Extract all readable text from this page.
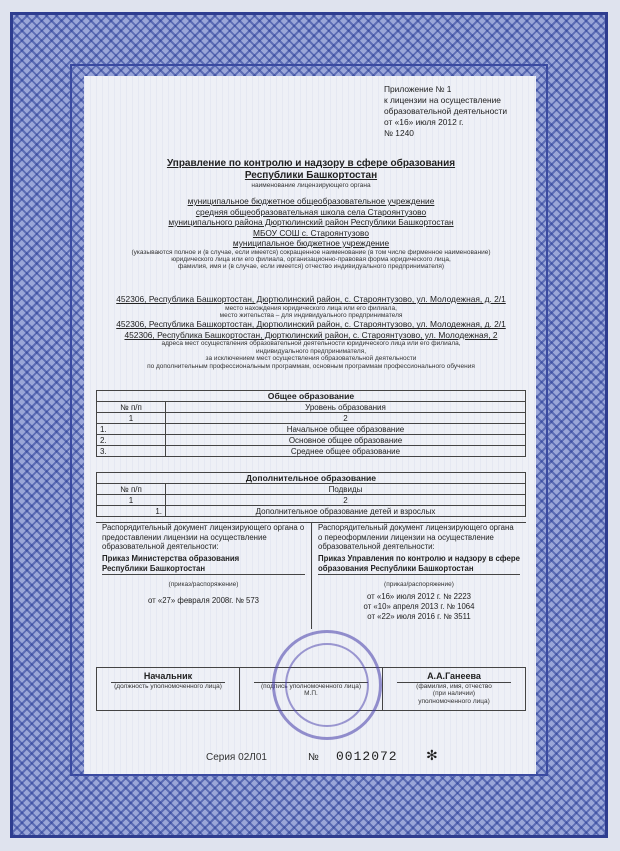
Приложение № 1
к лицензии на осуществление
образовательной деятельности
от «16» июля 2012 г.
№ 1240
Управление по контролю и надзору в сфере образования
Республики Башкортостан
наименование лицензирующего органа
муниципальное бюджетное общеобразовательное учреждение
средняя общеобразовательная школа села Староянтузово
муниципального района Дюртюлинский район Республики Башкортостан
МБОУ СОШ с. Староянтузово
муниципальное бюджетное учреждение
(указываются полное и (в случае, если имеется) сокращенное наименование (в том числе фирменное наименование)
юридического лица или его филиала, организационно-правовая форма юридического лица,
фамилия, имя и (в случае, если имеется) отчество индивидуального предпринимателя)
452306, Республика Башкортостан, Дюртюлинский район, с. Староянтузово, ул. Молодежная, д. 2/1
место нахождения юридического лица или его филиала,
место жительства – для индивидуального предпринимателя
452306, Республика Башкортостан, Дюртюлинский район, с. Староянтузово, ул. Молодежная, д. 2/1
452306, Республика Башкортостан, Дюртюлинский район, с. Староянтузово, ул. Молодежная, 2
адреса мест осуществления образовательной деятельности юридического лица или его филиала,
индивидуального предпринимателя,
за исключением мест осуществления образовательной деятельности
по дополнительным профессиональным программам, основным программам профессионального обучения
Общее образование	
№ п/п	Уровень образования
1	2
1.	Начальное общее образование
2.	Основное общее образование
3.	Среднее общее образование
Дополнительное образование	
№ п/п	Подвиды
1	2
1.	Дополнительное образование детей и взрослых
Распорядительный документ лицензирующего органа о
предоставлении лицензии на осуществление
образовательной деятельности:
Приказ Министерства образования
Республики Башкортостан
(приказ/распоряжение)
от «27» февраля 2008г. № 573
Распорядительный документ лицензирующего органа
о переоформлении лицензии на осуществление
образовательной деятельности:
Приказ Управления по контролю и надзору в сфере
образования Республики Башкортостан
(приказ/распоряжение)
от «16» июля 2012 г. № 2223
от «10» апреля 2013 г. № 1064
от «22» июля 2016 г. № 3511
Начальник
(должность уполномоченного лица)	(подпись уполномоченного лица)
М.П.
А.А.Ганеева
(фамилия, имя, отчество
(при наличии)
уполномоченного лица)
Серия 02Л01	№ 0012072 ✻
